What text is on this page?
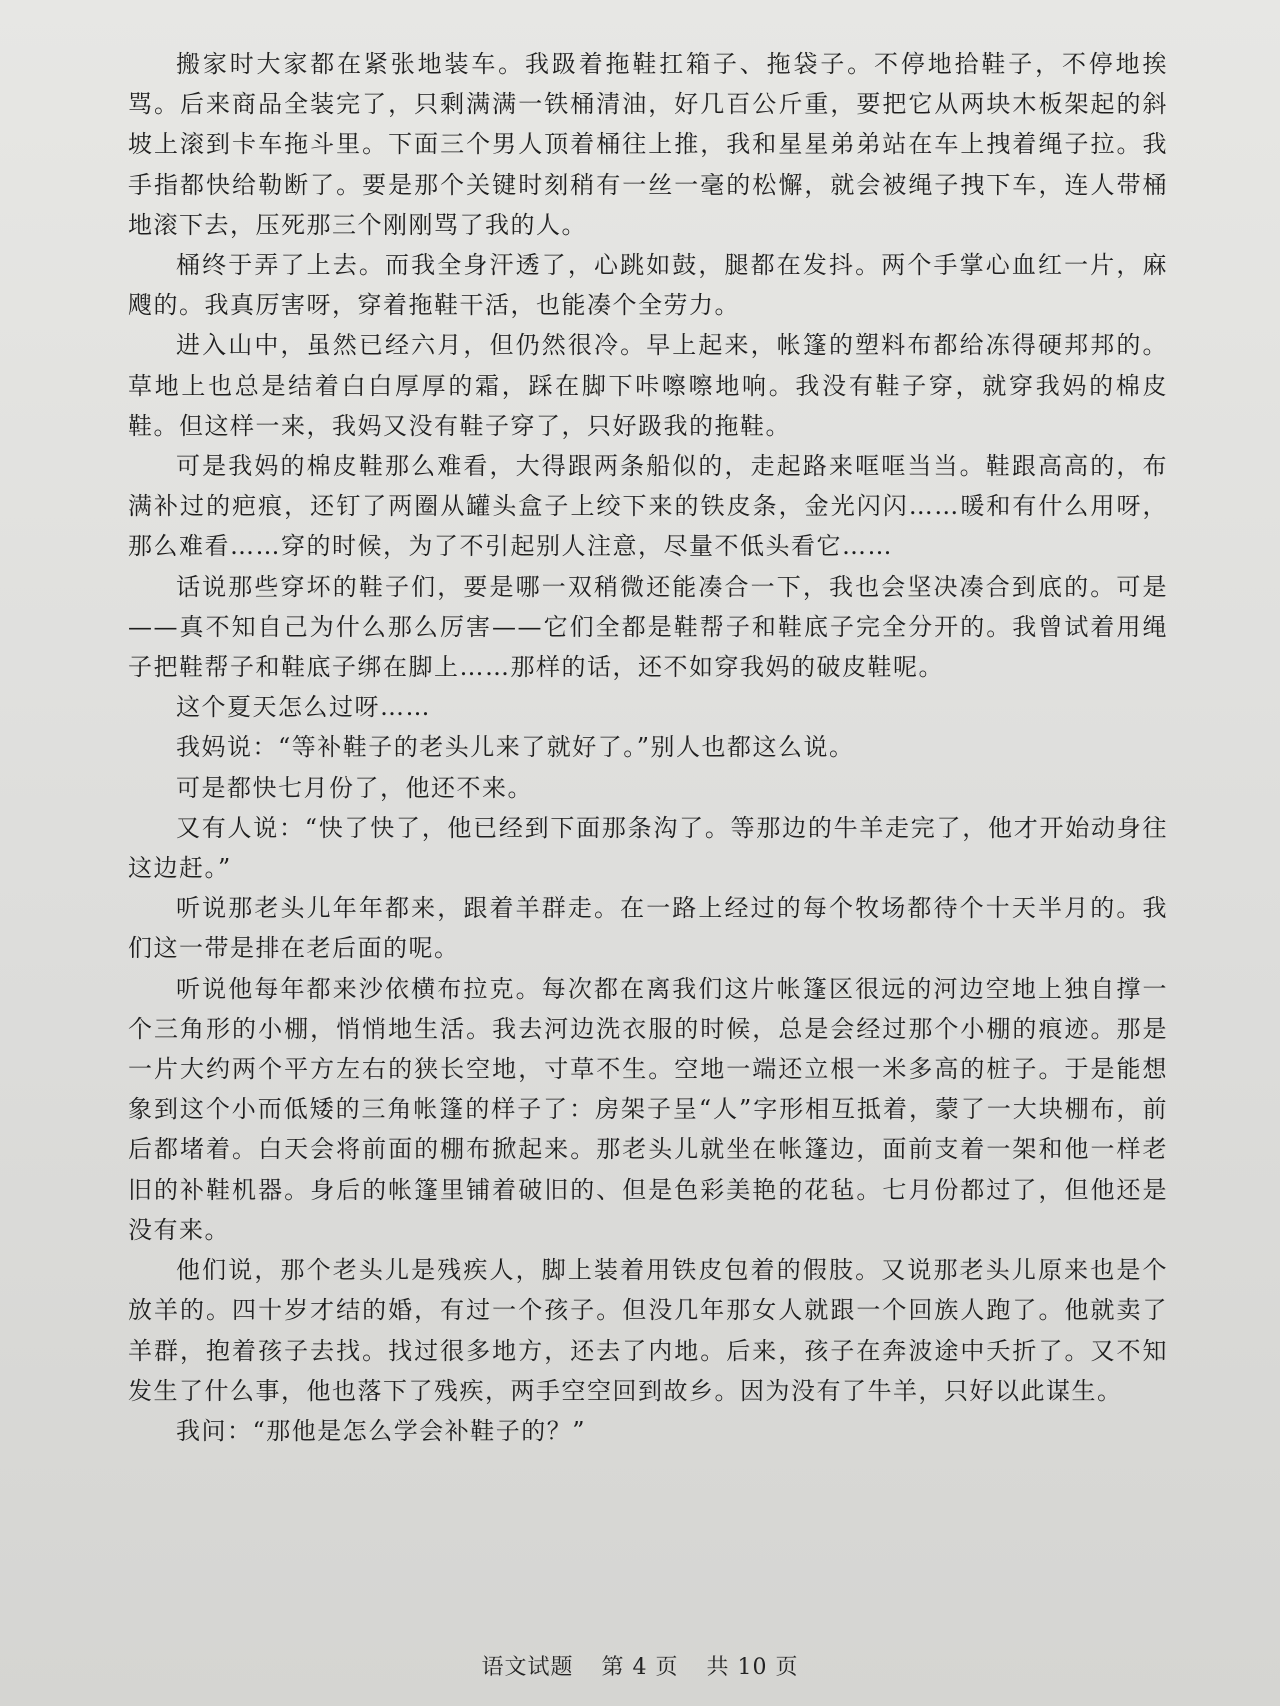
搬家时大家都在紧张地装车。我趿着拖鞋扛箱子、拖袋子。不停地拾鞋子，不停地挨骂。后来商品全装完了，只剩满满一铁桶清油，好几百公斤重，要把它从两块木板架起的斜坡上滚到卡车拖斗里。下面三个男人顶着桶往上推，我和星星弟弟站在车上拽着绳子拉。我手指都快给勒断了。要是那个关键时刻稍有一丝一毫的松懈，就会被绳子拽下车，连人带桶地滚下去，压死那三个刚刚骂了我的人。

桶终于弄了上去。而我全身汗透了，心跳如鼓，腿都在发抖。两个手掌心血红一片，麻飕的。我真厉害呀，穿着拖鞋干活，也能凑个全劳力。

进入山中，虽然已经六月，但仍然很冷。早上起来，帐篷的塑料布都给冻得硬邦邦的。草地上也总是结着白白厚厚的霜，踩在脚下咔嚓嚓地响。我没有鞋子穿，就穿我妈的棉皮鞋。但这样一来，我妈又没有鞋子穿了，只好趿我的拖鞋。

可是我妈的棉皮鞋那么难看，大得跟两条船似的，走起路来哐哐当当。鞋跟高高的，布满补过的疤痕，还钉了两圈从罐头盒子上绞下来的铁皮条，金光闪闪……暖和有什么用呀，那么难看……穿的时候，为了不引起别人注意，尽量不低头看它……

话说那些穿坏的鞋子们，要是哪一双稍微还能凑合一下，我也会坚决凑合到底的。可是——真不知自己为什么那么厉害——它们全都是鞋帮子和鞋底子完全分开的。我曾试着用绳子把鞋帮子和鞋底子绑在脚上……那样的话，还不如穿我妈的破皮鞋呢。

这个夏天怎么过呀……

我妈说：“等补鞋子的老头儿来了就好了。”别人也都这么说。

可是都快七月份了，他还不来。

又有人说：“快了快了，他已经到下面那条沟了。等那边的牛羊走完了，他才开始动身往这边赶。”

听说那老头儿年年都来，跟着羊群走。在一路上经过的每个牧场都待个十天半月的。我们这一带是排在老后面的呢。

听说他每年都来沙依横布拉克。每次都在离我们这片帐篷区很远的河边空地上独自撑一个三角形的小棚，悄悄地生活。我去河边洗衣服的时候，总是会经过那个小棚的痕迹。那是一片大约两个平方左右的狭长空地，寸草不生。空地一端还立根一米多高的桩子。于是能想象到这个小而低矮的三角帐篷的样子了：房架子呈“人”字形相互抵着，蒙了一大块棚布，前后都堵着。白天会将前面的棚布掀起来。那老头儿就坐在帐篷边，面前支着一架和他一样老旧的补鞋机器。身后的帐篷里铺着破旧的、但是色彩美艳的花毡。七月份都过了，但他还是没有来。

他们说，那个老头儿是残疾人，脚上装着用铁皮包着的假肢。又说那老头儿原来也是个放羊的。四十岁才结的婚，有过一个孩子。但没几年那女人就跟一个回族人跑了。他就卖了羊群，抱着孩子去找。找过很多地方，还去了内地。后来，孩子在奔波途中夭折了。又不知发生了什么事，他也落下了残疾，两手空空回到故乡。因为没有了牛羊，只好以此谋生。

我问：“那他是怎么学会补鞋子的？”

语文试题 第 4 页 共 10 页
